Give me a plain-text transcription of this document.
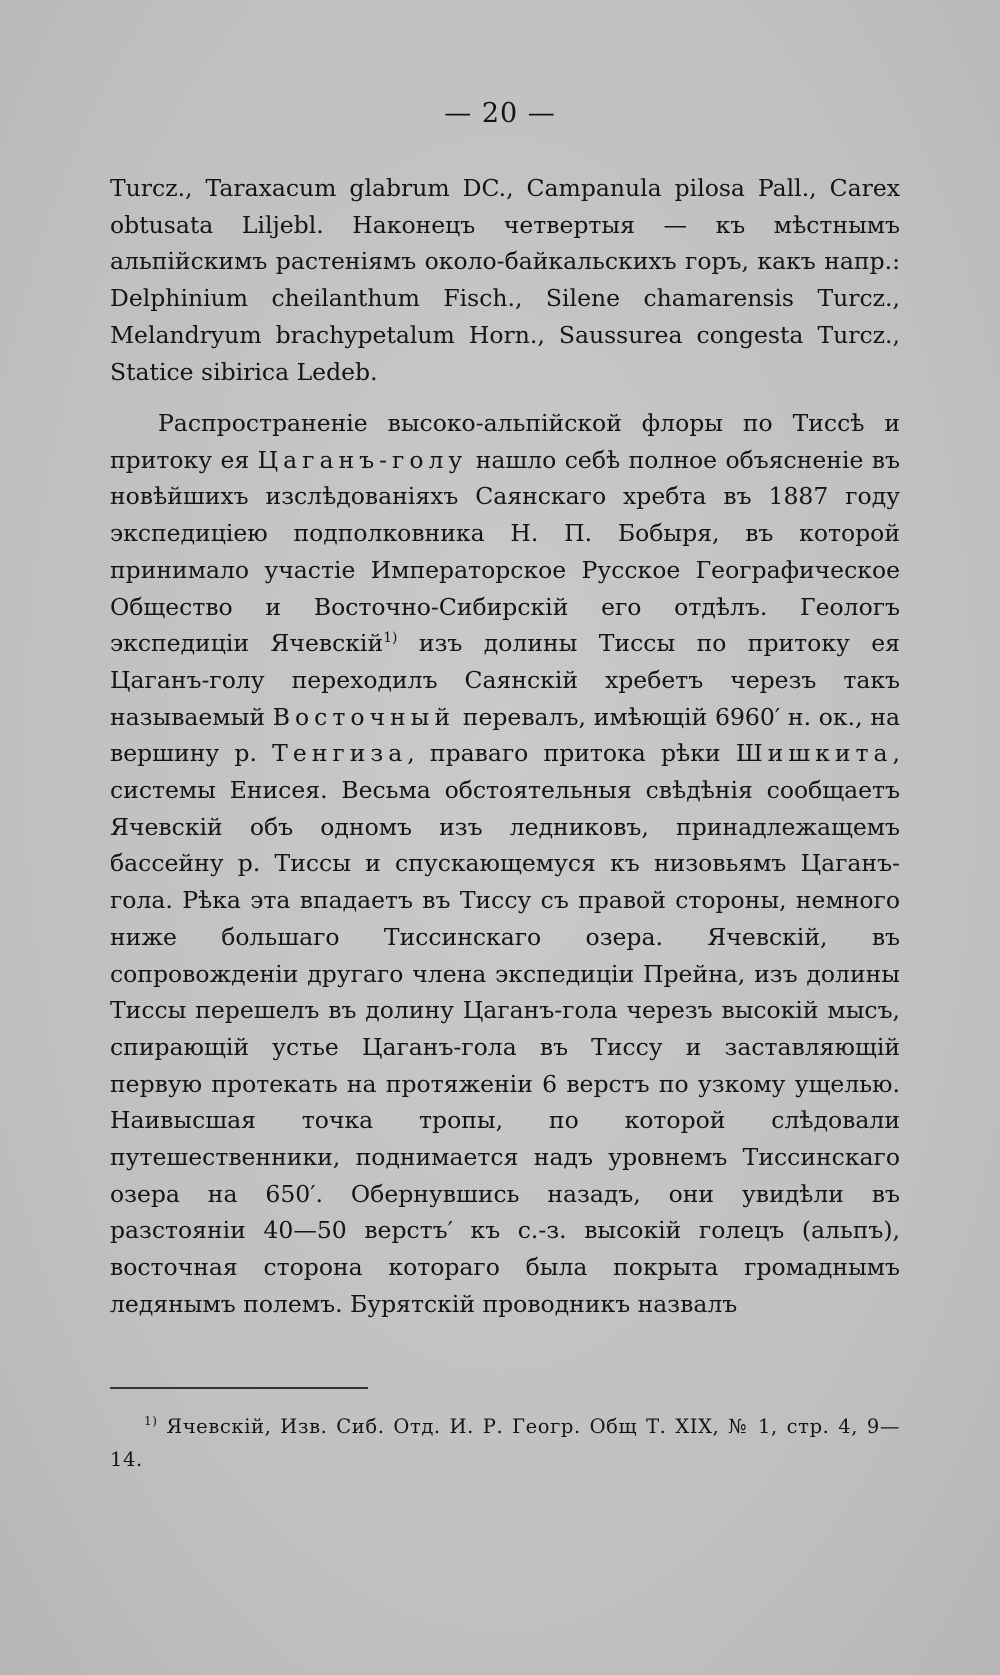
— 20 —

Turcz., Taraxacum glabrum DC., Campanula pilosa Pall., Carex obtusata Liljebl. Наконецъ четвертыя — къ мѣстнымъ альпійскимъ растеніямъ около-байкальскихъ горъ, какъ напр.: Delphinium cheilanthum Fisch., Silene chamarensis Turcz., Melandryum brachypetalum Horn., Saussurea congesta Turcz., Statice sibirica Ledeb.

Распространеніе высоко-альпійской флоры по Тиссѣ и притоку ея Цаганъ-голу нашло себѣ полное объясненіе въ новѣйшихъ изслѣдованіяхъ Саянскаго хребта въ 1887 году экспедиціею подполковника Н. П. Бобыря, въ которой принимало участіе Императорское Русское Географическое Общество и Восточно-Сибирскій его отдѣлъ. Геологъ экспедиціи Ячевскій$^{1)}$ изъ долины Тиссы по притоку ея Цаганъ-голу переходилъ Саянскій хребетъ черезъ такъ называемый Восточный перевалъ, имѣющій 6960′ н. ок., на вершину р. Тенгиза, праваго притока рѣки Шишкита, системы Енисея. Весьма обстоятельныя свѣдѣнія сообщаетъ Ячевскій объ одномъ изъ ледниковъ, принадлежащемъ бассейну р. Тиссы и спускающемуся къ низовьямъ Цаганъ-гола. Рѣка эта впадаетъ въ Тиссу съ правой стороны, немного ниже большаго Тиссинскаго озера. Ячевскій, въ сопровожденіи другаго члена экспедиціи Прейна, изъ долины Тиссы перешелъ въ долину Цаганъ-гола черезъ высокій мысъ, спирающій устье Цаганъ-гола въ Тиссу и заставляющій первую протекать на протяженіи 6 верстъ по узкому ущелью. Наивысшая точка тропы, по которой слѣдовали путешественники, поднимается надъ уровнемъ Тиссинскаго озера на 650′. Обернувшись назадъ, они увидѣли въ разстояніи 40—50 верстъ′ къ с.-з. высокій голецъ (альпъ), восточная сторона котораго была покрыта громаднымъ ледянымъ полемъ. Бурятскій проводникъ назвалъ

$^{1)}$ Ячевскій, Изв. Сиб. Отд. И. Р. Геогр. Общ Т. XIX, № 1, стр. 4, 9—14.
